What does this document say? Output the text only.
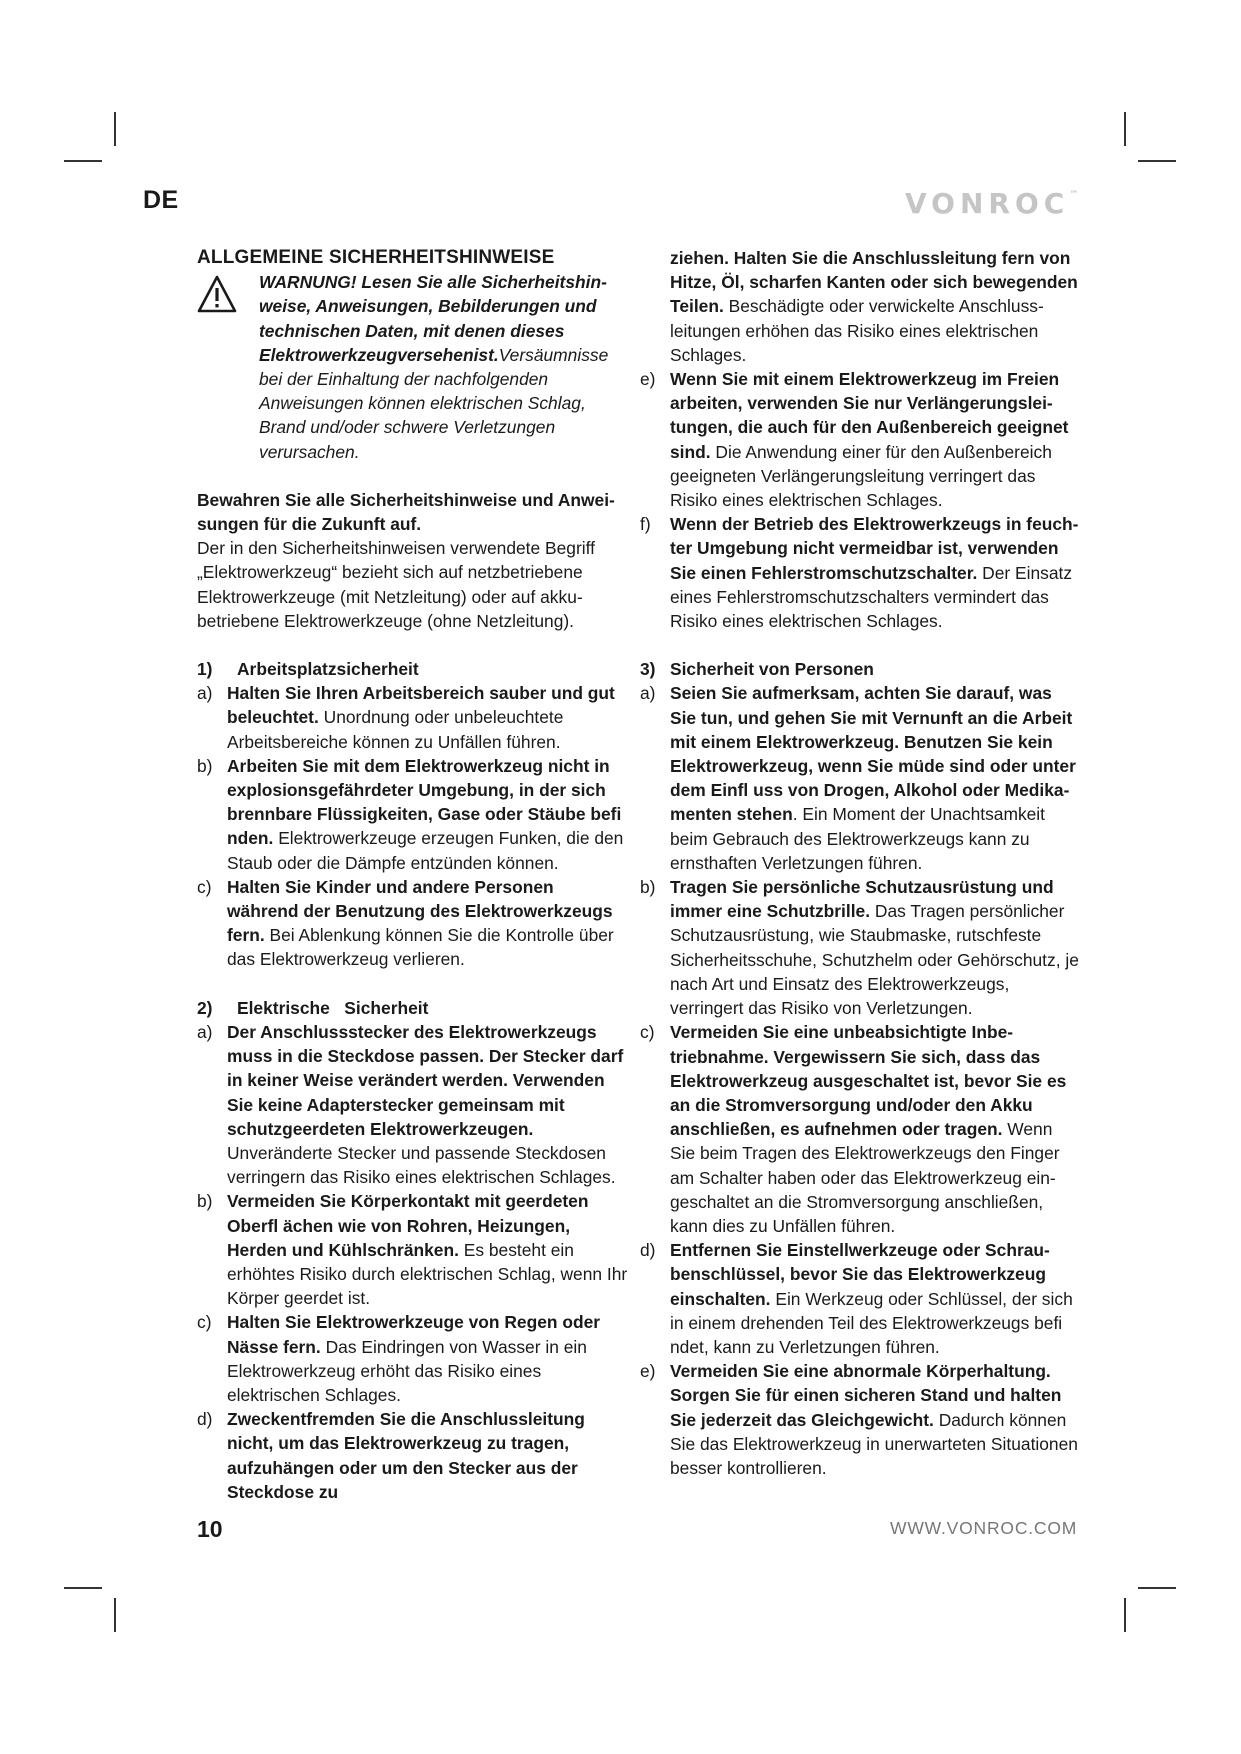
DE	VONROC™
ALLGEMEINE SICHERHEITSHINWEISE
WARNUNG! Lesen Sie alle Sicherheitshinweise, Anweisungen, Bebilderungen und technischen Daten, mit denen dieses Elektrowerkzeugversehenist.Versäumnisse bei der Einhaltung der nachfolgenden Anweisungen können elektrischen Schlag, Brand und/oder schwere Verletzungen verursachen.
Bewahren Sie alle Sicherheitshinweise und Anweisungen für die Zukunft auf.
Der in den Sicherheitshinweisen verwendete Begriff „Elektrowerkzeug“ bezieht sich auf netzbetriebene Elektrowerkzeuge (mit Netzleitung) oder auf akkubetriebene Elektrowerkzeuge (ohne Netzleitung).
1)	Arbeitsplatzsicherheit
a) Halten Sie Ihren Arbeitsbereich sauber und gut beleuchtet. Unordnung oder unbeleuchtete Arbeitsbereiche können zu Unfällen führen.
b) Arbeiten Sie mit dem Elektrowerkzeug nicht in explosionsgefährdeter Umgebung, in der sich brennbare Flüssigkeiten, Gase oder Stäube befi nden. Elektrowerkzeuge erzeugen Funken, die den Staub oder die Dämpfe entzünden können.
c) Halten Sie Kinder und andere Personen während der Benutzung des Elektrowerkzeugs fern. Bei Ablenkung können Sie die Kontrolle über das Elektrowerkzeug verlieren.
2)	Elektrische   Sicherheit
a) Der Anschlussstecker des Elektrowerkzeugs muss in die Steckdose passen. Der Stecker darf in keiner Weise verändert werden. Verwenden Sie keine Adapterstecker gemeinsam mit schutzgeerdeten Elektrowerkzeugen. Unveränderte Stecker und passende Steckdosen verringern das Risiko eines elektrischen Schlages.
b) Vermeiden Sie Körperkontakt mit geerdeten Oberfl ächen wie von Rohren, Heizungen, Herden und Kühlschränken. Es besteht ein erhöhtes Risiko durch elektrischen Schlag, wenn Ihr Körper geerdet ist.
c) Halten Sie Elektrowerkzeuge von Regen oder Nässe fern. Das Eindringen von Wasser in ein Elektrowerkzeug erhöht das Risiko eines elektrischen Schlages.
d) Zweckentfremden Sie die Anschlussleitung nicht, um das Elektrowerkzeug zu tragen, aufzuhängen oder um den Stecker aus der Steckdose zu
ziehen. Halten Sie die Anschlussleitung fern von Hitze, Öl, scharfen Kanten oder sich bewegenden Teilen. Beschädigte oder verwickelte Anschlussleitungen erhöhen das Risiko eines elektrischen Schlages.
e) Wenn Sie mit einem Elektrowerkzeug im Freien arbeiten, verwenden Sie nur Verlängerungsleitungen, die auch für den Außenbereich geeignet sind. Die Anwendung einer für den Außenbereich geeigneten Verlängerungsleitung verringert das Risiko eines elektrischen Schlages.
f)	Wenn der Betrieb des Elektrowerkzeugs in feuchter Umgebung nicht vermeidbar ist, verwenden Sie einen Fehlerstromschutzschalter. Der Einsatz eines Fehlerstromschutzschalters vermindert das Risiko eines elektrischen Schlages.
3) Sicherheit von Personen
a) Seien Sie aufmerksam, achten Sie darauf, was Sie tun, und gehen Sie mit Vernunft an die Arbeit mit einem Elektrowerkzeug. Benutzen Sie kein Elektrowerkzeug, wenn Sie müde sind oder unter dem Einfl uss von Drogen, Alkohol oder Medikamenten stehen. Ein Moment der Unachtsamkeit beim Gebrauch des Elektrowerkzeugs kann zu ernsthaften Verletzungen führen.
b) Tragen Sie persönliche Schutzausrüstung und immer eine Schutzbrille. Das Tragen persönlicher Schutzausrüstung, wie Staubmaske, rutschfeste Sicherheitsschuhe, Schutzhelm oder Gehörschutz, je nach Art und Einsatz des Elektrowerkzeugs, verringert das Risiko von Verletzungen.
c) Vermeiden Sie eine unbeabsichtigte Inbetriebnahme. Vergewissern Sie sich, dass das Elektrowerkzeug ausgeschaltet ist, bevor Sie es an die Stromversorgung und/oder den Akku anschließen, es aufnehmen oder tragen. Wenn Sie beim Tragen des Elektrowerkzeugs den Finger am Schalter haben oder das Elektrowerkzeug eingeschaltet an die Stromversorgung anschließen, kann dies zu Unfällen führen.
d) Entfernen Sie Einstellwerkzeuge oder Schraubenschlüssel, bevor Sie das Elektrowerkzeug einschalten. Ein Werkzeug oder Schlüssel, der sich in einem drehenden Teil des Elektrowerkzeugs befi ndet, kann zu Verletzungen führen.
e) Vermeiden Sie eine abnormale Körperhaltung. Sorgen Sie für einen sicheren Stand und halten Sie jederzeit das Gleichgewicht. Dadurch können Sie das Elektrowerkzeug in unerwarteten Situationen besser kontrollieren.
10	WWW.VONROC.COM
